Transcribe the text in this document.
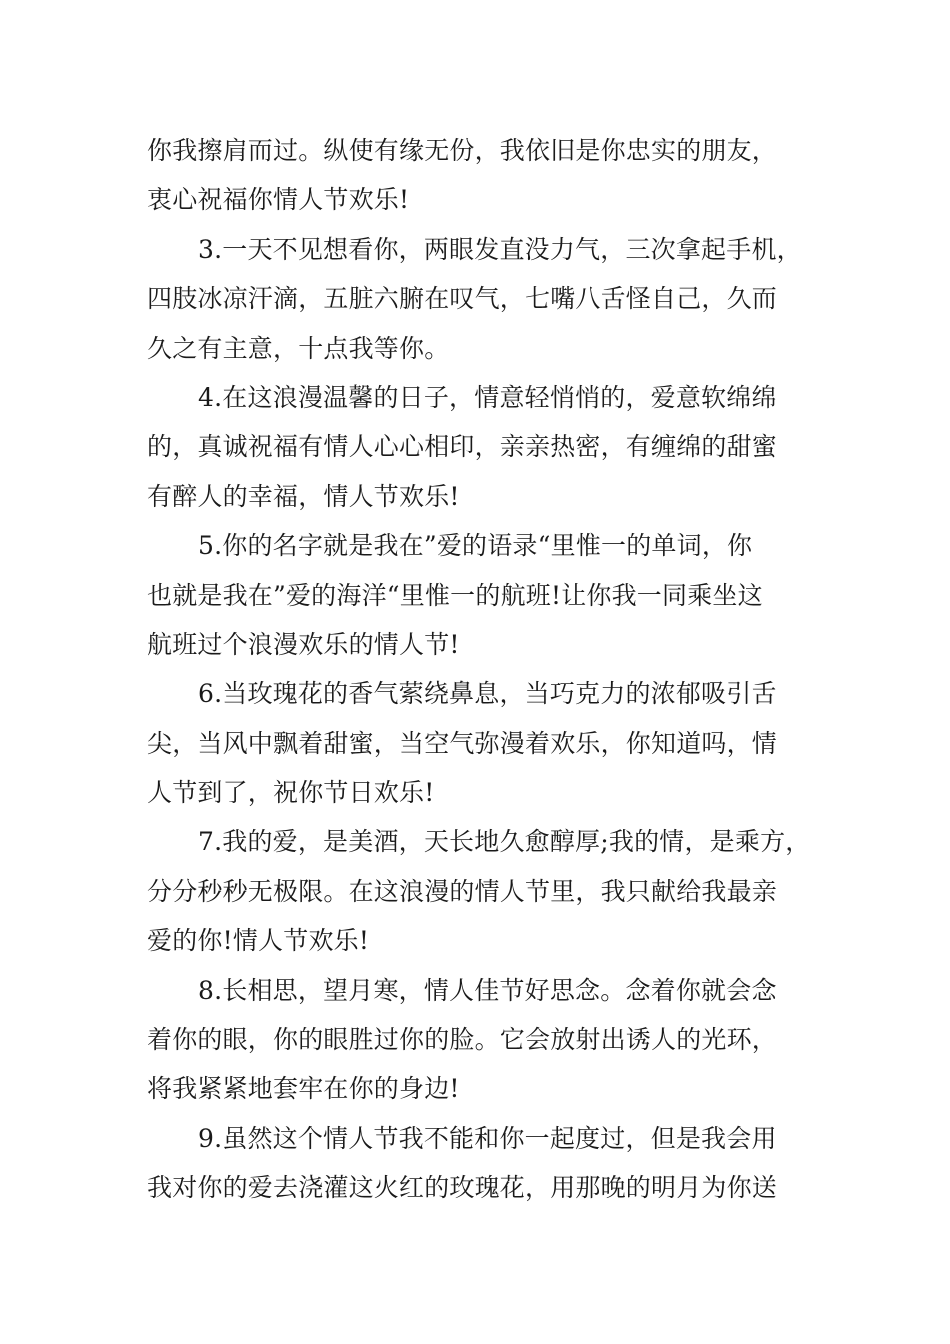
你我擦肩而过。纵使有缘无份，我依旧是你忠实的朋友，
衷心祝福你情人节欢乐!
3.一天不见想看你，两眼发直没力气，三次拿起手机，
四肢冰凉汗滴，五脏六腑在叹气，七嘴八舌怪自己，久而
久之有主意，十点我等你。
4.在这浪漫温馨的日子，情意轻悄悄的，爱意软绵绵
的，真诚祝福有情人心心相印，亲亲热密，有缠绵的甜蜜
有醉人的幸福，情人节欢乐!
5.你的名字就是我在”爱的语录“里惟一的单词，你
也就是我在”爱的海洋“里惟一的航班!让你我一同乘坐这
航班过个浪漫欢乐的情人节!
6.当玫瑰花的香气萦绕鼻息，当巧克力的浓郁吸引舌
尖，当风中飘着甜蜜，当空气弥漫着欢乐，你知道吗，情
人节到了，祝你节日欢乐!
7.我的爱，是美酒，天长地久愈醇厚;我的情，是乘方，
分分秒秒无极限。在这浪漫的情人节里，我只献给我最亲
爱的你!情人节欢乐!
8.长相思，望月寒，情人佳节好思念。念着你就会念
着你的眼，你的眼胜过你的脸。它会放射出诱人的光环，
将我紧紧地套牢在你的身边!
9.虽然这个情人节我不能和你一起度过，但是我会用
我对你的爱去浇灌这火红的玫瑰花，用那晚的明月为你送
